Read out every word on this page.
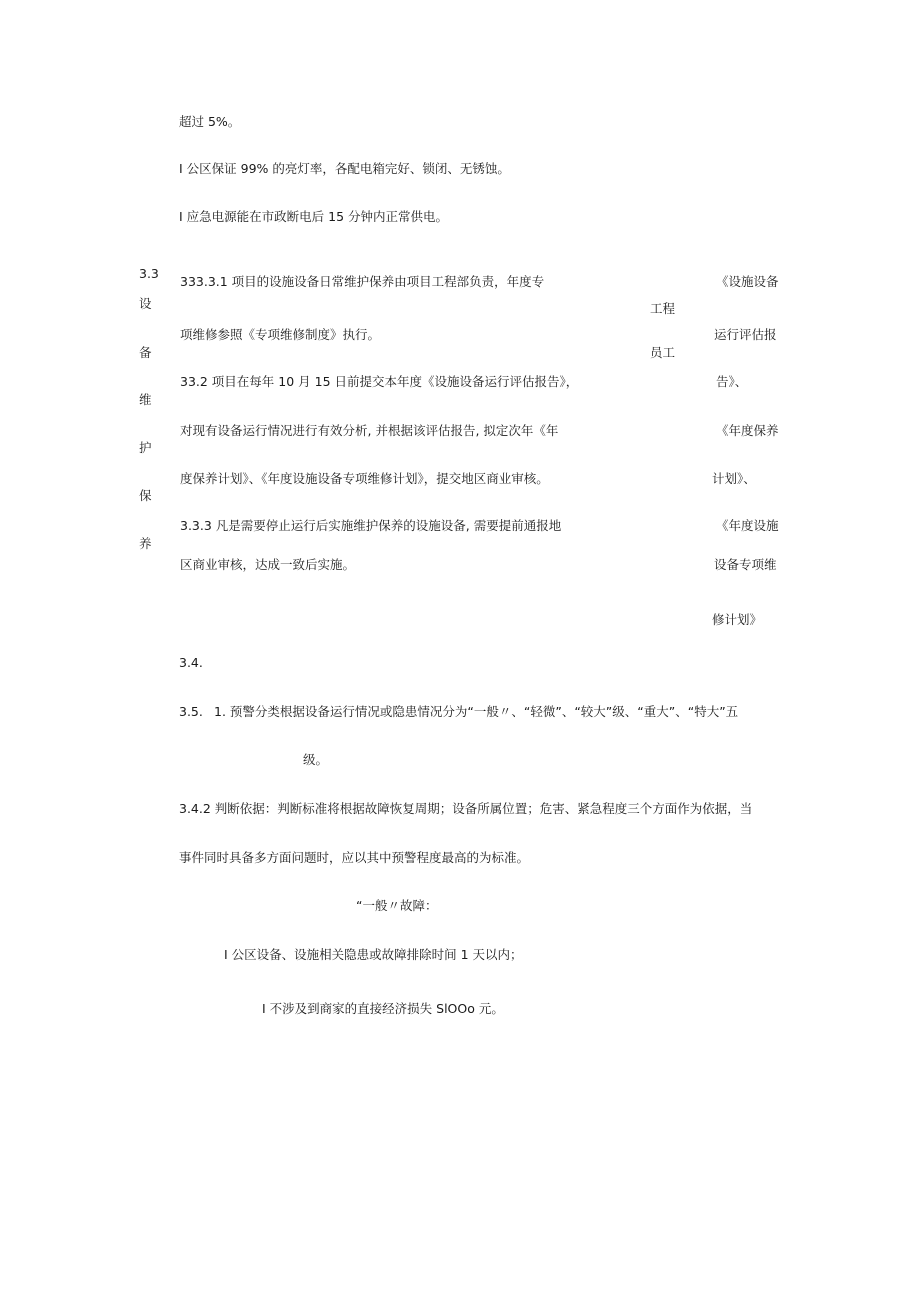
超过 5%。

I 公区保证 99% 的亮灯率，各配电箱完好、锁闭、无锈蚀。

I 应急电源能在市政断电后 15 分钟内正常供电。

3.3

设

备

维

护

保

养

333.3.1 项目的设施设备日常维护保养由项目工程部负责，年度专

项维修参照《专项维修制度》执行。

33.2 项目在每年 10 月 15 日前提交本年度《设施设备运行评估报告》，

对现有设备运行情况进行有效分析, 并根据该评估报告, 拟定次年《年

度保养计划》、《年度设施设备专项维修计划》，提交地区商业审核。

3.3.3 凡是需要停止运行后实施维护保养的设施设备, 需要提前通报地

区商业审核，达成一致后实施。

工程

员工

《设施设备

运行评估报

告》、

《年度保养

计划》、

《年度设施

设备专项维

修计划》

3.4.

3.5. 1. 预警分类根据设备运行情况或隐患情况分为“一般〃、“轻微”、“较大”级、“重大”、“特大”五

级。

3.4.2 判断依据：判断标准将根据故障恢复周期；设备所属位置；危害、紧急程度三个方面作为依据，当

事件同时具备多方面问题时，应以其中预警程度最高的为标准。

“一般〃故障：

I 公区设备、设施相关隐患或故障排除时间 1 天以内；

I 不涉及到商家的直接经济损失 SlOOo 元。
